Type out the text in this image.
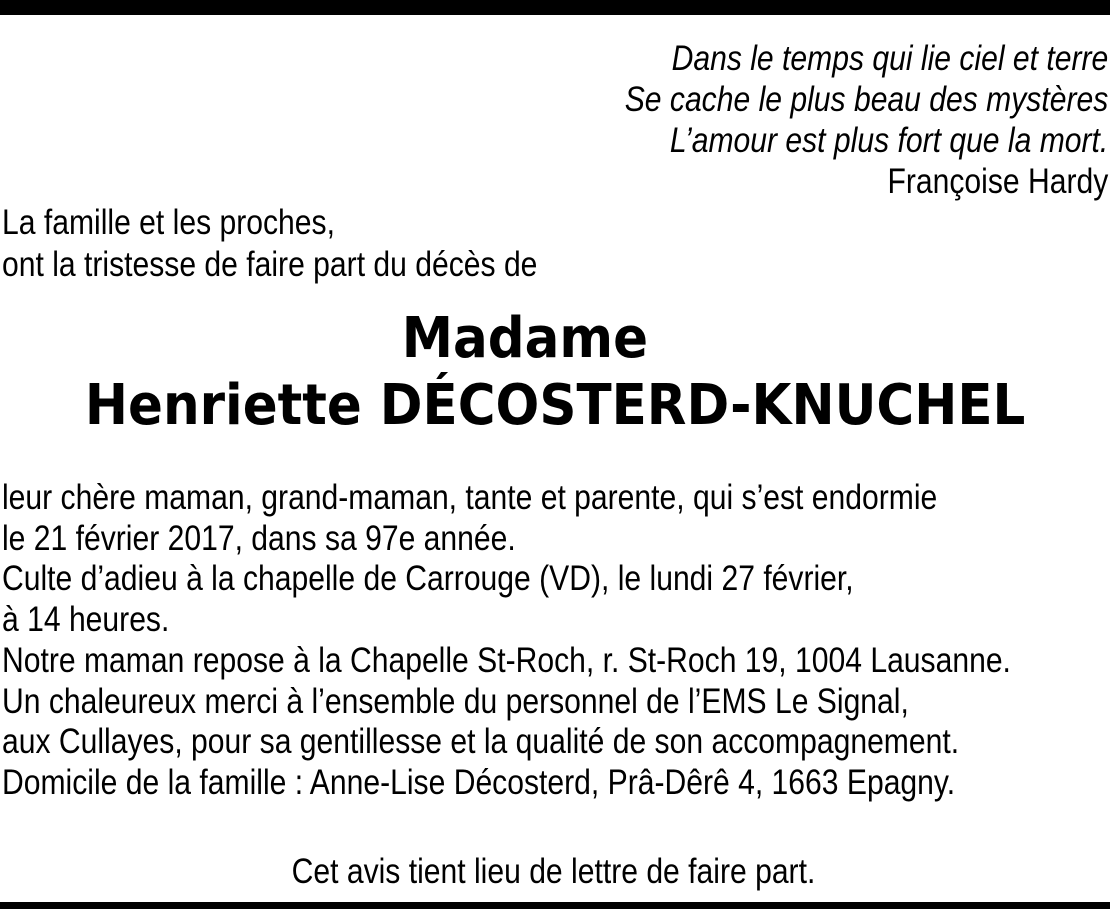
Dans le temps qui lie ciel et terre
Se cache le plus beau des mystères
L’amour est plus fort que la mort.
Françoise Hardy
La famille et les proches,
ont la tristesse de faire part du décès de
Madame
Henriette DÉCOSTERD-KNUCHEL
leur chère maman, grand-maman, tante et parente, qui s’est endormie
le 21 février 2017, dans sa 97e année.
Culte d’adieu à la chapelle de Carrouge (VD), le lundi 27 février,
à 14 heures.
Notre maman repose à la Chapelle St-Roch, r. St-Roch 19, 1004 Lausanne.
Un chaleureux merci à l’ensemble du personnel de l’EMS Le Signal,
aux Cullayes, pour sa gentillesse et la qualité de son accompagnement.
Domicile de la famille : Anne-Lise Décosterd, Prâ-Dêrê 4, 1663 Epagny.
Cet avis tient lieu de lettre de faire part.
